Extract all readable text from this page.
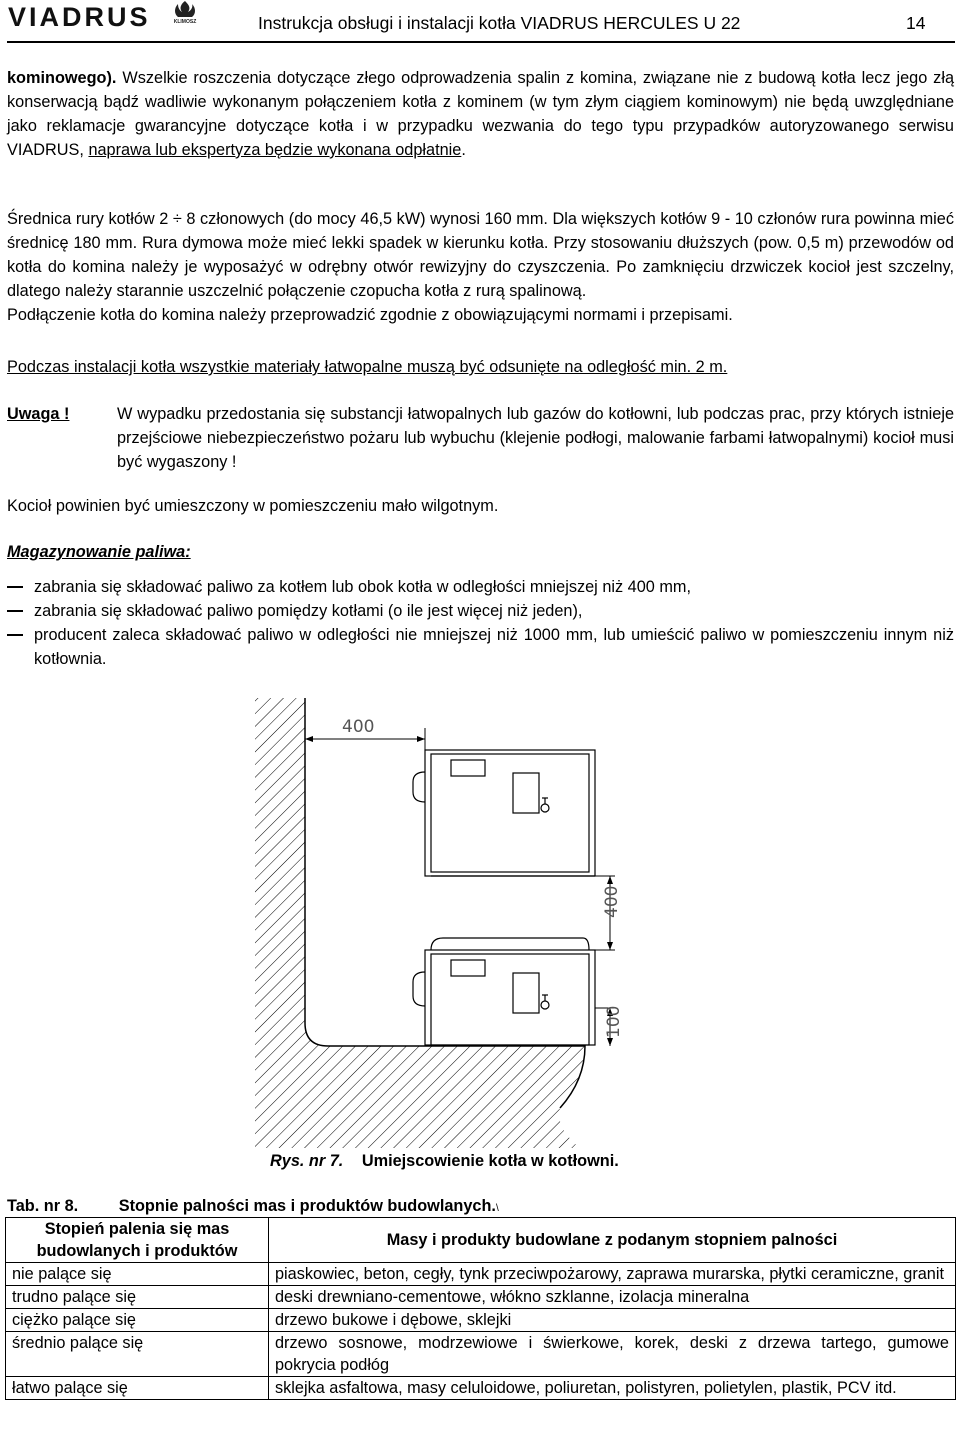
VIADRUS	KLIMOSZ	Instrukcja obsługi i instalacji kotła VIADRUS HERCULES U 22	14
kominowego). Wszelkie roszczenia dotyczące złego odprowadzenia spalin z komina, związane nie z budową kotła lecz jego złą konserwacją bądź wadliwie wykonanym połączeniem kotła z kominem (w tym złym ciągiem kominowym) nie będą uwzględniane jako reklamacje gwarancyjne dotyczące kotła i w przypadku wezwania do tego typu przypadków autoryzowanego serwisu VIADRUS, naprawa lub ekspertyza będzie wykonana odpłatnie.
Średnica rury kotłów 2 ÷ 8 członowych (do mocy 46,5 kW) wynosi 160 mm. Dla większych kotłów 9 - 10 członów rura powinna mieć średnicę 180 mm. Rura dymowa może mieć lekki spadek w kierunku kotła. Przy stosowaniu dłuższych (pow. 0,5 m) przewodów od kotła do komina należy je wyposażyć w odrębny otwór rewizyjny do czyszczenia. Po zamknięciu drzwiczek kocioł jest szczelny, dlatego należy starannie uszczelnić połączenie czopucha kotła z rurą spalinową.
Podłączenie kotła do komina należy przeprowadzić zgodnie z obowiązującymi normami i przepisami.
Podczas instalacji kotła wszystkie materiały łatwopalne muszą być odsunięte na odległość min. 2 m.
Uwaga !	W wypadku przedostania się substancji łatwopalnych lub gazów do kotłowni, lub podczas prac, przy których istnieje przejściowe niebezpieczeństwo pożaru lub wybuchu (klejenie podłogi, malowanie farbami łatwopalnymi) kocioł musi być wygaszony !
Kocioł powinien być umieszczony w pomieszczeniu mało wilgotnym.
Magazynowanie paliwa:
zabrania się składować paliwo za kotłem lub obok kotła w odległości mniejszej niż 400 mm,
zabrania się składować paliwo pomiędzy kotłami (o ile jest więcej niż jeden),
producent zaleca składować paliwo w odległości nie mniejszej niż 1000 mm, lub umieścić paliwo w pomieszczeniu innym niż kotłownia.
400
400
100
Rys. nr 7. Umiejscowienie kotła w kotłowni.
Tab. nr 8. Stopnie palności mas i produktów budowlanych.\
Stopień palenia się mas budowlanych i produktów	Masy i produkty budowlane z podanym stopniem palności
nie palące się	piaskowiec, beton, cegły, tynk przeciwpożarowy, zaprawa murarska, płytki ceramiczne, granit
trudno palące się	deski drewniano-cementowe, włókno szklanne, izolacja mineralna
ciężko palące się	drzewo bukowe i dębowe, sklejki
średnio palące się	drzewo sosnowe, modrzewiowe i świerkowe, korek, deski z drzewa tartego, gumowe pokrycia podłóg
łatwo palące się	sklejka asfaltowa, masy celuloidowe, poliuretan, polistyren, polietylen, plastik, PCV itd.
